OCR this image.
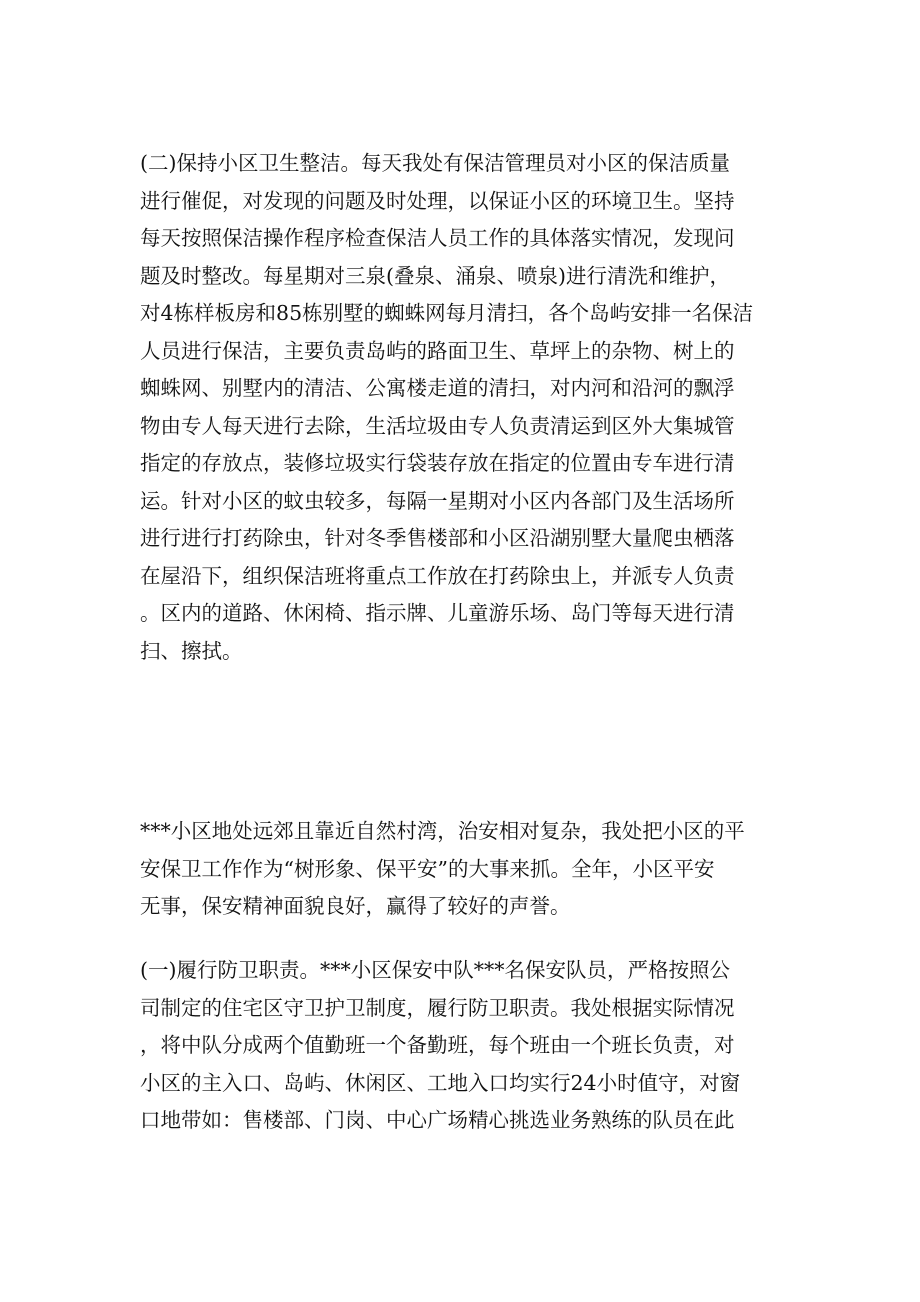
(二)保持小区卫生整洁。每天我处有保洁管理员对小区的保洁质量
进行催促，对发现的问题及时处理，以保证小区的环境卫生。坚持
每天按照保洁操作程序检查保洁人员工作的具体落实情况，发现问
题及时整改。每星期对三泉(叠泉、涌泉、喷泉)进行清洗和维护，
对4栋样板房和85栋别墅的蜘蛛网每月清扫，各个岛屿安排一名保洁
人员进行保洁，主要负责岛屿的路面卫生、草坪上的杂物、树上的
蜘蛛网、别墅内的清洁、公寓楼走道的清扫，对内河和沿河的飘浮
物由专人每天进行去除，生活垃圾由专人负责清运到区外大集城管
指定的存放点，装修垃圾实行袋装存放在指定的位置由专车进行清
运。针对小区的蚊虫较多，每隔一星期对小区内各部门及生活场所
进行进行打药除虫，针对冬季售楼部和小区沿湖别墅大量爬虫栖落
在屋沿下，组织保洁班将重点工作放在打药除虫上，并派专人负责
。区内的道路、休闲椅、指示牌、儿童游乐场、岛门等每天进行清
扫、擦拭。
***小区地处远郊且靠近自然村湾，治安相对复杂，我处把小区的平
安保卫工作作为“树形象、保平安”的大事来抓。全年，小区平安
无事，保安精神面貌良好，赢得了较好的声誉。
(一)履行防卫职责。***小区保安中队***名保安队员，严格按照公
司制定的住宅区守卫护卫制度，履行防卫职责。我处根据实际情况
，将中队分成两个值勤班一个备勤班，每个班由一个班长负责，对
小区的主入口、岛屿、休闲区、工地入口均实行24小时值守，对窗
口地带如：售楼部、门岗、中心广场精心挑选业务熟练的队员在此
